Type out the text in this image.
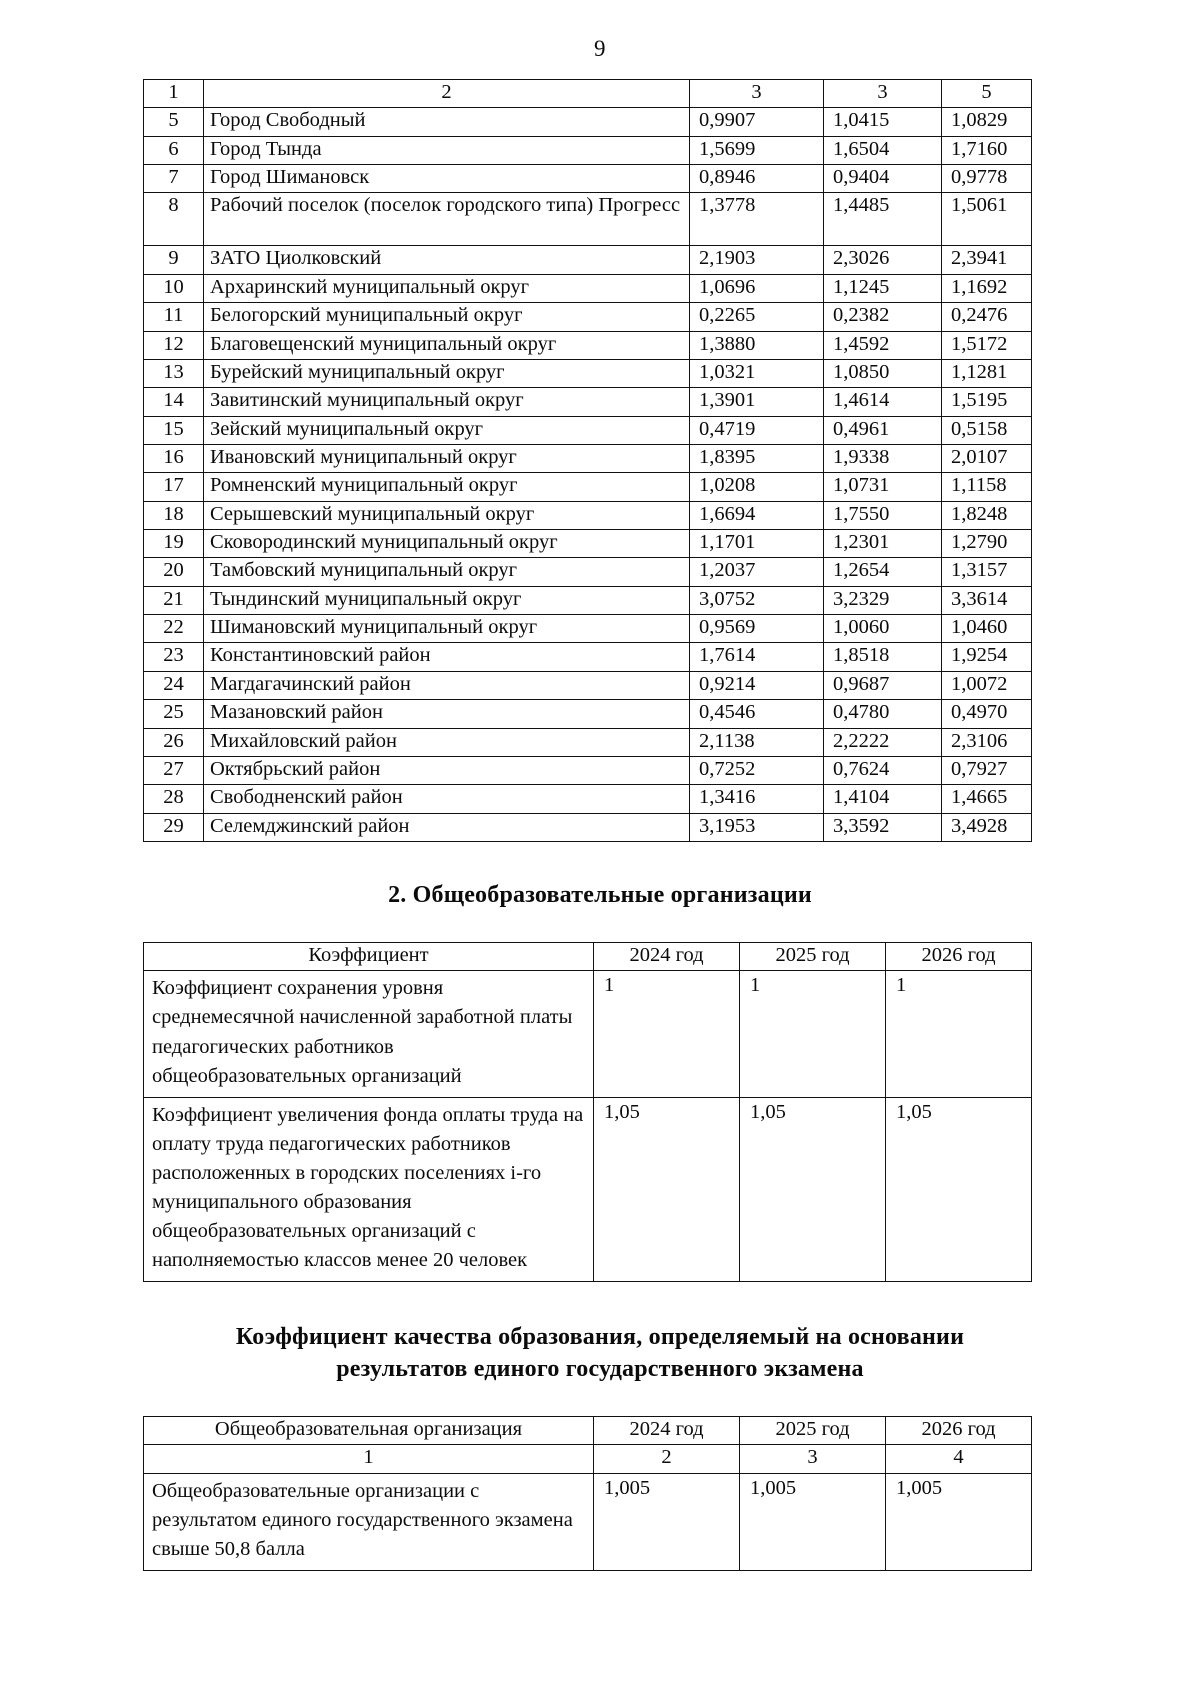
9
1	2	3	3	5
5	Город Свободный	0,9907	1,0415	1,0829
6	Город Тында	1,5699	1,6504	1,7160
7	Город Шимановск	0,8946	0,9404	0,9778
8	Рабочий поселок (поселок городского типа) Прогресс	1,3778	1,4485	1,5061
9	ЗАТО Циолковский	2,1903	2,3026	2,3941
10	Архаринский муниципальный округ	1,0696	1,1245	1,1692
11	Белогорский муниципальный округ	0,2265	0,2382	0,2476
12	Благовещенский муниципальный округ	1,3880	1,4592	1,5172
13	Бурейский муниципальный округ	1,0321	1,0850	1,1281
14	Завитинский муниципальный округ	1,3901	1,4614	1,5195
15	Зейский муниципальный округ	0,4719	0,4961	0,5158
16	Ивановский муниципальный округ	1,8395	1,9338	2,0107
17	Ромненский муниципальный округ	1,0208	1,0731	1,1158
18	Серышевский муниципальный округ	1,6694	1,7550	1,8248
19	Сковородинский муниципальный округ	1,1701	1,2301	1,2790
20	Тамбовский муниципальный округ	1,2037	1,2654	1,3157
21	Тындинский муниципальный округ	3,0752	3,2329	3,3614
22	Шимановский муниципальный округ	0,9569	1,0060	1,0460
23	Константиновский район	1,7614	1,8518	1,9254
24	Магдагачинский район	0,9214	0,9687	1,0072
25	Мазановский район	0,4546	0,4780	0,4970
26	Михайловский район	2,1138	2,2222	2,3106
27	Октябрьский район	0,7252	0,7624	0,7927
28	Свободненский район	1,3416	1,4104	1,4665
29	Селемджинский район	3,1953	3,3592	3,4928
2. Общеобразовательные организации
Коэффициент	2024 год	2025 год	2026 год
Коэффициент сохранения уровня среднемесячной начисленной заработной платы педагогических работников общеобразовательных организаций	1	1	1
Коэффициент увеличения фонда оплаты труда на оплату труда педагогических работников расположенных в городских поселениях i-го муниципального образования общеобразовательных организаций с наполняемостью классов менее 20 человек	1,05	1,05	1,05
Коэффициент качества образования, определяемый на основании
результатов единого государственного экзамена
Общеобразовательная организация	2024 год	2025 год	2026 год
1	2	3	4
Общеобразовательные организации с результатом единого государственного экзамена свыше 50,8 балла	1,005	1,005	1,005
